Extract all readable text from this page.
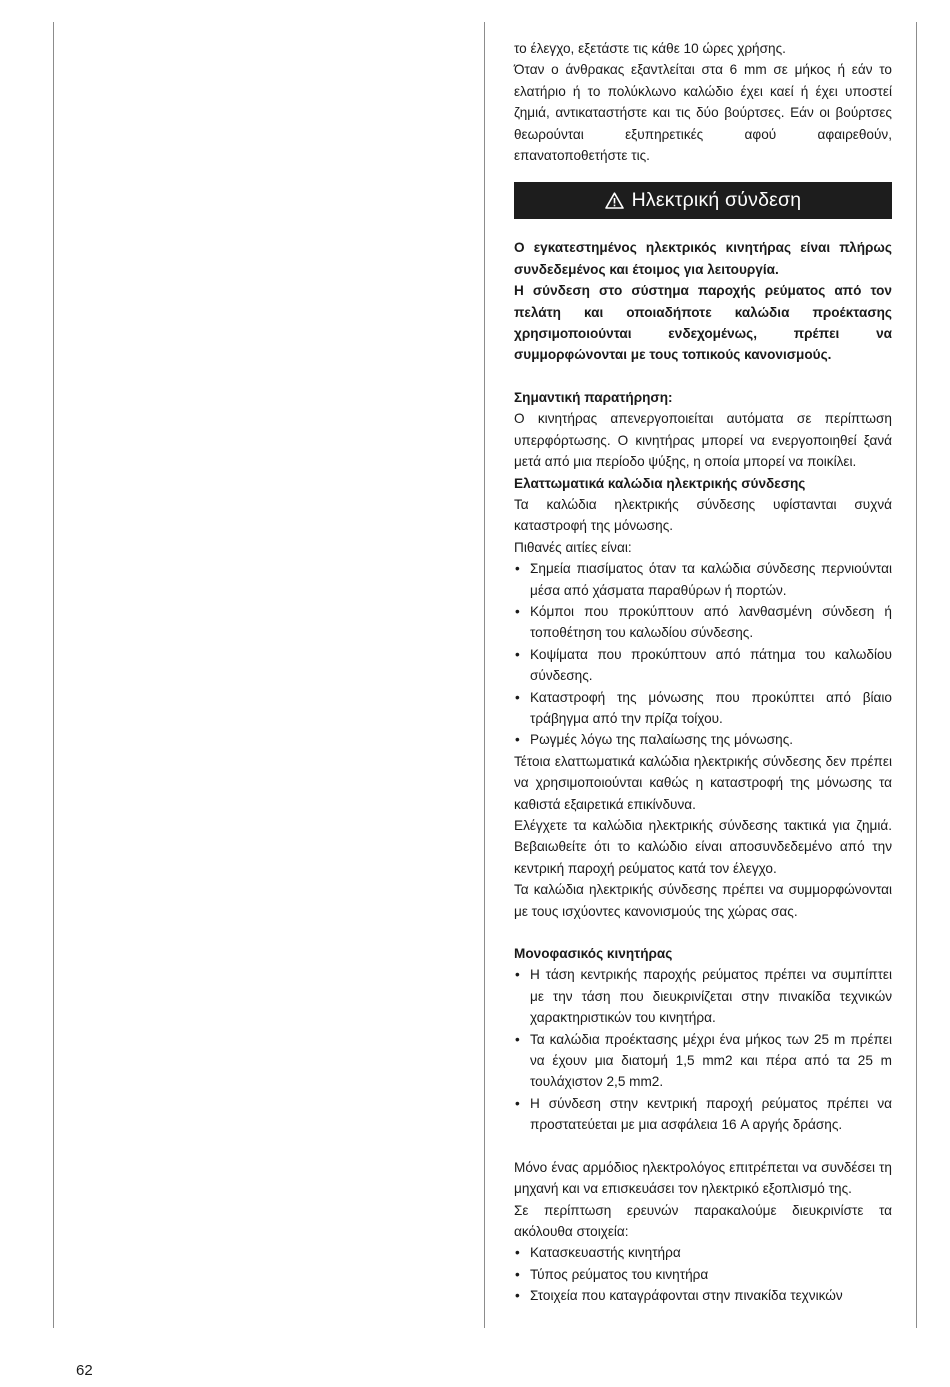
το έλεγχο, εξετάστε τις κάθε 10 ώρες χρήσης.

Όταν ο άνθρακας εξαντλείται στα 6 mm σε μήκος ή εάν το ελατήριο ή το πολύκλωνο καλώδιο έχει καεί ή έχει υποστεί ζημιά, αντικαταστήστε και τις δύο βούρτσες. Εάν οι βούρτσες θεωρούνται εξυπηρετικές αφού αφαιρεθούν, επανατοποθετήστε τις.

Ηλεκτρική σύνδεση

Ο εγκατεστημένος ηλεκτρικός κινητήρας είναι πλήρως συνδεδεμένος και έτοιμος για λειτουργία.

Η σύνδεση στο σύστημα παροχής ρεύματος από τον πελάτη και οποιαδήποτε καλώδια προέκτασης χρησιμοποιούνται ενδεχομένως, πρέπει να συμμορφώνονται με τους τοπικούς κανονισμούς.

Σημαντική παρατήρηση:

Ο κινητήρας απενεργοποιείται αυτόματα σε περίπτωση υπερφόρτωσης. Ο κινητήρας μπορεί να ενεργοποιηθεί ξανά μετά από μια περίοδο ψύξης, η οποία μπορεί να ποικίλει.

Ελαττωματικά καλώδια ηλεκτρικής σύνδεσης

Τα καλώδια ηλεκτρικής σύνδεσης υφίστανται συχνά καταστροφή της μόνωσης.

Πιθανές αιτίες είναι:

• Σημεία πιασίματος όταν τα καλώδια σύνδεσης περνιούνται μέσα από χάσματα παραθύρων ή πορτών.
• Κόμποι που προκύπτουν από λανθασμένη σύνδεση ή τοποθέτηση του καλωδίου σύνδεσης.
• Κοψίματα που προκύπτουν από πάτημα του καλωδίου σύνδεσης.
• Καταστροφή της μόνωσης που προκύπτει από βίαιο τράβηγμα από την πρίζα τοίχου.
• Ρωγμές λόγω της παλαίωσης της μόνωσης.

Τέτοια ελαττωματικά καλώδια ηλεκτρικής σύνδεσης δεν πρέπει να χρησιμοποιούνται καθώς η καταστροφή της μόνωσης τα καθιστά εξαιρετικά επικίνδυνα.

Ελέγχετε τα καλώδια ηλεκτρικής σύνδεσης τακτικά για ζημιά. Βεβαιωθείτε ότι το καλώδιο είναι αποσυνδεδεμένο από την κεντρική παροχή ρεύματος κατά τον έλεγχο.

Τα καλώδια ηλεκτρικής σύνδεσης πρέπει να συμμορφώνονται με τους ισχύοντες κανονισμούς της χώρας σας.

Μονοφασικός κινητήρας

• Η τάση κεντρικής παροχής ρεύματος πρέπει να συμπίπτει με την τάση που διευκρινίζεται στην πινακίδα τεχνικών χαρακτηριστικών του κινητήρα.
• Τα καλώδια προέκτασης μέχρι ένα μήκος των 25 m πρέπει να έχουν μια διατομή 1,5 mm2 και πέρα από τα 25 m τουλάχιστον 2,5 mm2.
• Η σύνδεση στην κεντρική παροχή ρεύματος πρέπει να προστατεύεται με μια ασφάλεια 16 A αργής δράσης.

Μόνο ένας αρμόδιος ηλεκτρολόγος επιτρέπεται να συνδέσει τη μηχανή και να επισκευάσει τον ηλεκτρικό εξοπλισμό της.

Σε περίπτωση ερευνών παρακαλούμε διευκρινίστε τα ακόλουθα στοιχεία:

• Κατασκευαστής κινητήρα
• Τύπος ρεύματος του κινητήρα
• Στοιχεία που καταγράφονται στην πινακίδα τεχνικών
62
